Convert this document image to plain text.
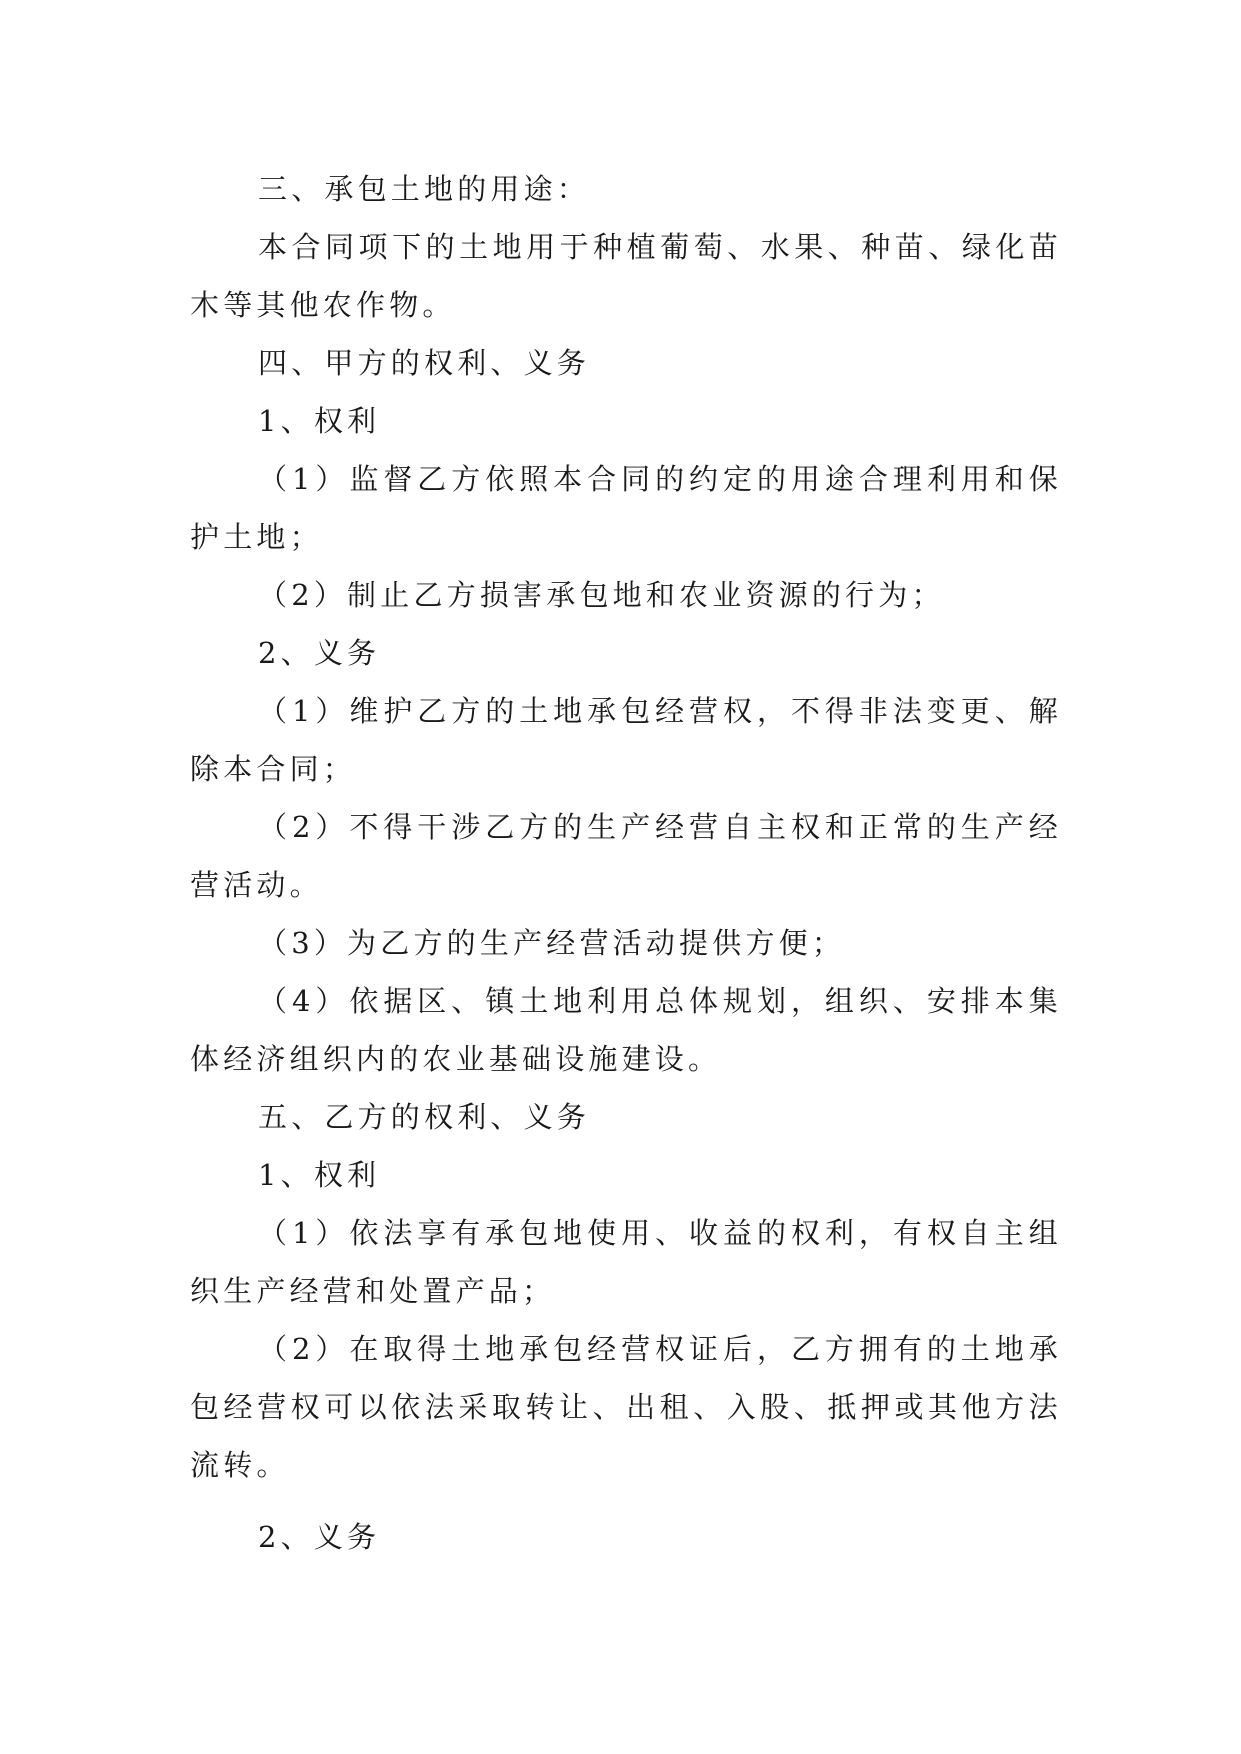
三、承包土地的用途：
本 合 同 项 下 的 土 地 用 于 种 植 葡 萄 、 水 果 、 种 苗 、 绿 化 苗
木等其他农作物。
四、甲方的权利、义务
1、权利
（ 1 ） 监 督 乙 方 依 照 本 合 同 的 约 定 的 用 途 合 理 利 用 和 保
护土地；
（2）制止乙方损害承包地和农业资源的行为；
2、义务
（ 1 ） 维 护 乙 方 的 土 地 承 包 经 营 权 ， 不 得 非 法 变 更 、 解
除本合同；
（ 2 ） 不 得 干 涉 乙 方 的 生 产 经 营 自 主 权 和 正 常 的 生 产 经
营活动。
（3）为乙方的生产经营活动提供方便；
（ 4 ） 依 据 区 、 镇 土 地 利 用 总 体 规 划 ， 组 织 、 安 排 本 集
体经济组织内的农业基础设施建设。
五、乙方的权利、义务
1、权利
（ 1 ） 依 法 享 有 承 包 地 使 用 、 收 益 的 权 利 ， 有 权 自 主 组
织生产经营和处置产品；
（ 2 ） 在 取 得 土 地 承 包 经 营 权 证 后 ， 乙 方 拥 有 的 土 地 承
包 经 营 权 可 以 依 法 采 取 转 让 、 出 租 、 入 股 、 抵 押 或 其 他 方 法
流转。
2、义务
